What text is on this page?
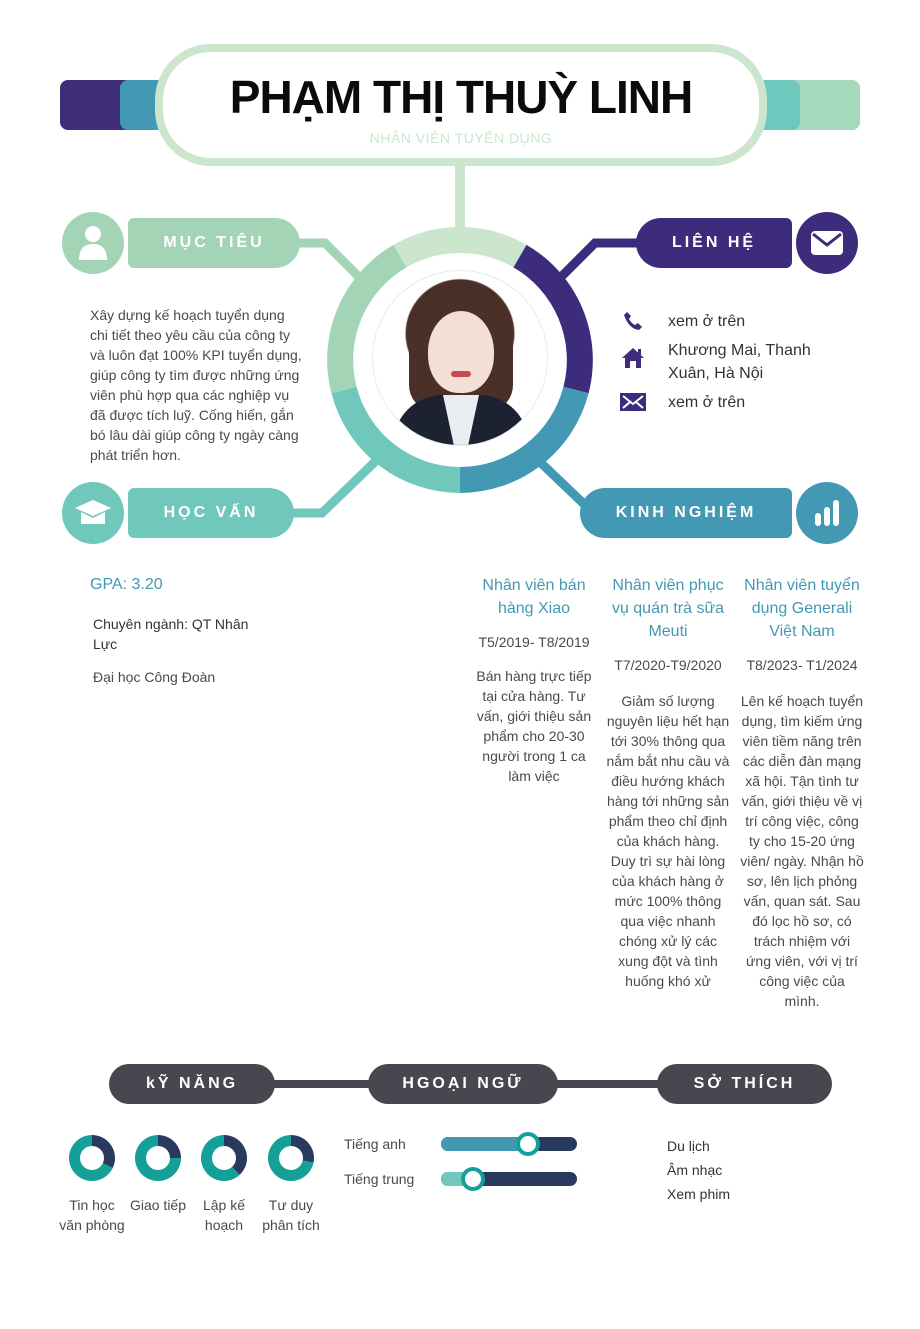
PHẠM THỊ THUỲ LINH
NHÂN VIÊN TUYỂN DỤNG
MỤC TIÊU
Xây dựng kế hoạch tuyển dụng chi tiết theo yêu cầu của công ty và luôn đạt 100% KPI tuyển dụng, giúp công ty tìm được những ứng viên phù hợp qua các nghiệp vụ đã được tích luỹ. Cống hiến, gắn bó lâu dài giúp công ty ngày càng phát triển hơn.
LIÊN HỆ
xem ở trên
Khương Mai, Thanh Xuân, Hà Nội
xem ở trên
HỌC VẤN
GPA: 3.20
Chuyên ngành: QT Nhân Lực
Đại học Công Đoàn
KINH NGHIỆM
Nhân viên bán hàng Xiao
T5/2019- T8/2019
Bán hàng trực tiếp tại cửa hàng. Tư vấn, giới thiệu sản phẩm cho 20-30 người trong 1 ca làm việc
Nhân viên phục vụ quán trà sữa Meuti
T7/2020-T9/2020
Giảm số lượng nguyên liệu hết hạn tới 30% thông qua nắm bắt nhu cầu và điều hướng khách hàng tới những sản phẩm theo chỉ định của khách hàng. Duy trì sự hài lòng của khách hàng ở mức 100% thông qua việc nhanh chóng xử lý các xung đột và tình huống khó xử
Nhân viên tuyển dụng Generali Việt Nam
T8/2023- T1/2024
Lên kế hoạch tuyển dụng, tìm kiếm ứng viên tiềm năng trên các diễn đàn mạng xã hội. Tận tình tư vấn, giới thiệu về vị trí công việc, công ty cho 15-20 ứng viên/ ngày. Nhận hồ sơ, lên lịch phỏng vấn, quan sát. Sau đó lọc hồ sơ, có trách nhiệm với ứng viên, với vị trí công việc của mình.
kỸ NĂNG	HGOẠI NGỮ	SỞ THÍCH
Tin học văn phòng
Giao tiếp	Lập kế hoạch
Tư duy phân tích
Tiếng anh
Tiếng trung
Du lịch
Âm nhạc
Xem phim
